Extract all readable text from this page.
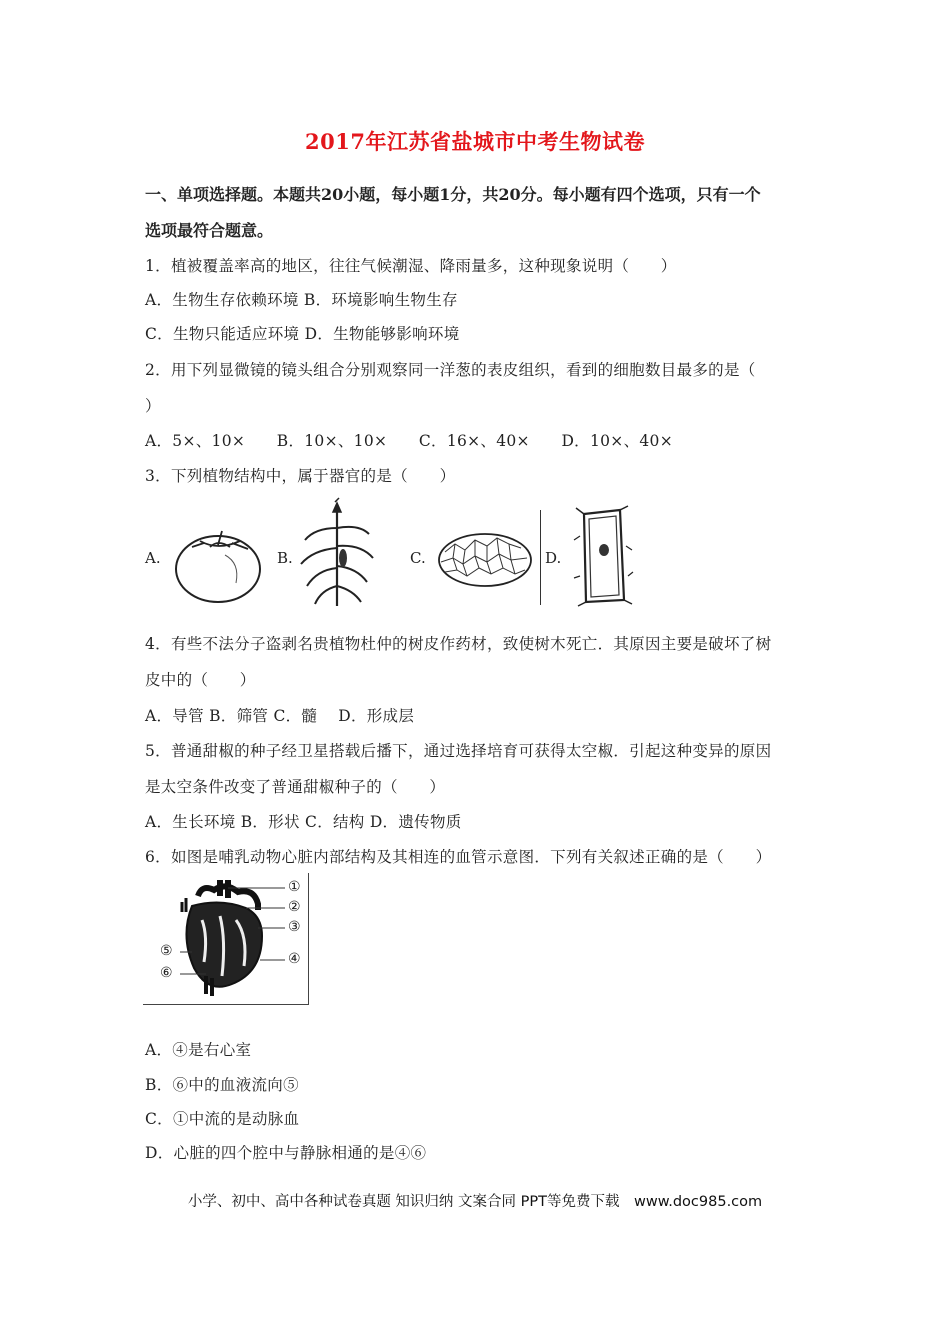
2017年江苏省盐城市中考生物试卷
一、单项选择题。本题共20小题，每小题1分，共20分。每小题有四个选项，只有一个
选项最符合题意。
1．植被覆盖率高的地区，往往气候潮湿、降雨量多，这种现象说明（　　）
A．生物生存依赖环境 B．环境影响生物生存
C．生物只能适应环境 D．生物能够影响环境
2．用下列显微镜的镜头组合分别观察同一洋葱的表皮组织，看到的细胞数目最多的是（
）
A．5×、10×　　B．10×、10×　　C．16×、40×　　D．10×、40×
3．下列植物结构中，属于器官的是（　　）
A.	B.	C.	D.
4．有些不法分子盗剥名贵植物杜仲的树皮作药材，致使树木死亡．其原因主要是破坏了树
皮中的（　　）
A．导管 B．筛管 C．髓　 D．形成层
5．普通甜椒的种子经卫星搭载后播下，通过选择培育可获得太空椒．引起这种变异的原因
是太空条件改变了普通甜椒种子的（　　）
A．生长环境 B．形状 C．结构 D．遗传物质
6．如图是哺乳动物心脏内部结构及其相连的血管示意图．下列有关叙述正确的是（　　）
①
②
③
④
⑤
⑥
A．④是右心室
B．⑥中的血液流向⑤
C．①中流的是动脉血
D．心脏的四个腔中与静脉相通的是④⑥
小学、初中、高中各种试卷真题 知识归纳 文案合同 PPT等免费下载　www.doc985.com
